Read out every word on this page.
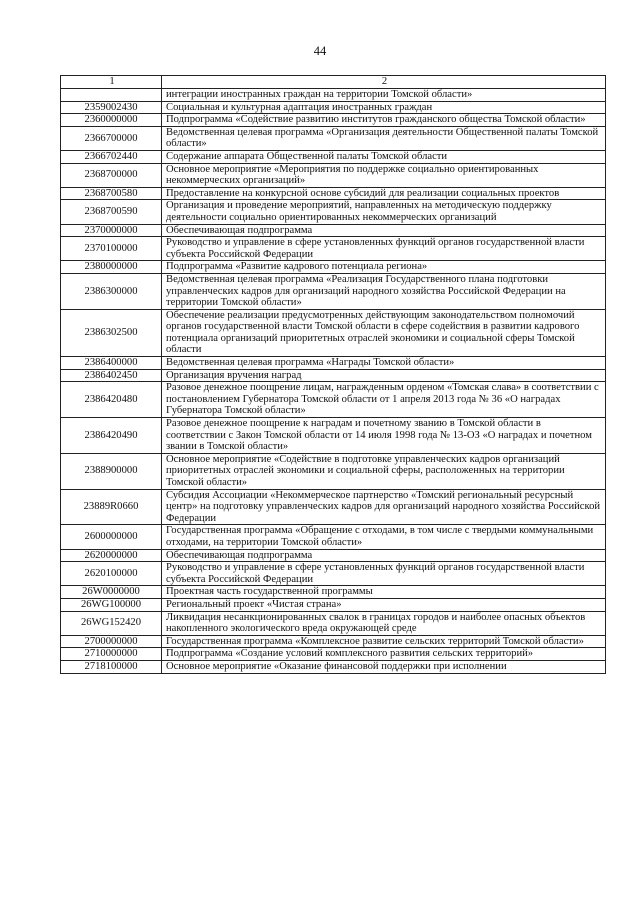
44
1	2
	интеграции иностранных граждан на территории Томской области»
2359002430	Социальная и культурная адаптация иностранных граждан
2360000000	Подпрограмма «Содействие развитию институтов гражданского общества Томской области»
2366700000	Ведомственная целевая программа «Организация деятельности Общественной палаты Томской области»
2366702440	Содержание аппарата Общественной палаты Томской области
2368700000	Основное мероприятие «Мероприятия по поддержке социально ориентированных некоммерческих организаций»
2368700580	Предоставление на конкурсной основе субсидий для реализации социальных проектов
2368700590	Организация и проведение мероприятий, направленных на методическую поддержку деятельности социально ориентированных некоммерческих организаций
2370000000	Обеспечивающая подпрограмма
2370100000	Руководство и управление в сфере установленных функций органов государственной власти субъекта Российской Федерации
2380000000	Подпрограмма «Развитие кадрового потенциала региона»
2386300000	Ведомственная целевая программа «Реализация Государственного плана подготовки управленческих кадров для организаций народного хозяйства Российской Федерации на территории Томской области»
2386302500	Обеспечение реализации предусмотренных действующим законодательством полномочий органов государственной власти Томской области в сфере содействия в развитии кадрового потенциала организаций приоритетных отраслей экономики и социальной сферы Томской области
2386400000	Ведомственная целевая программа «Награды Томской области»
2386402450	Организация вручения наград
2386420480	Разовое денежное поощрение лицам, награжденным орденом «Томская слава» в соответствии с постановлением Губернатора Томской области от 1 апреля 2013 года № 36 «О наградах Губернатора Томской области»
2386420490	Разовое денежное поощрение к наградам и почетному званию в Томской области в соответствии с Закон Томской области от 14 июля 1998 года № 13-ОЗ «О наградах и почетном звании в Томской области»
2388900000	Основное мероприятие «Содействие в подготовке управленческих кадров организаций приоритетных отраслей экономики и социальной сферы, расположенных на территории Томской области»
23889R0660	Субсидия Ассоциации «Некоммерческое партнерство «Томский региональный ресурсный центр» на подготовку управленческих кадров для организаций народного хозяйства Российской Федерации
2600000000	Государственная программа «Обращение с отходами, в том числе с твердыми коммунальными отходами, на территории Томской области»
2620000000	Обеспечивающая подпрограмма
2620100000	Руководство и управление в сфере установленных функций органов государственной власти субъекта Российской Федерации
26W0000000	Проектная часть государственной программы
26WG100000	Региональный проект «Чистая страна»
26WG152420	Ликвидация несанкционированных свалок в границах городов и наиболее опасных объектов накопленного экологического вреда окружающей среде
2700000000	Государственная программа «Комплексное развитие сельских территорий Томской области»
2710000000	Подпрограмма «Создание условий комплексного развития сельских территорий»
2718100000	Основное мероприятие «Оказание финансовой поддержки при исполнении
